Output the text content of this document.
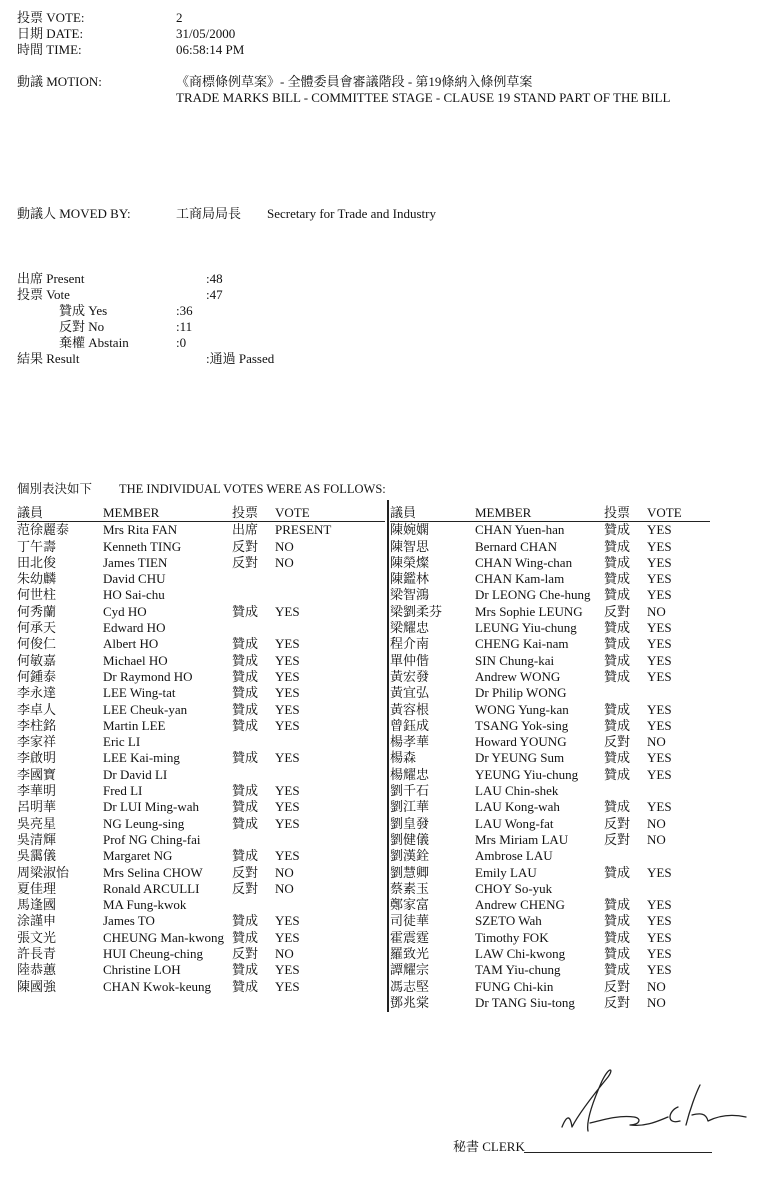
投票 VOTE:	2
日期 DATE:	31/05/2000
時間 TIME:	06:58:14 PM
動議 MOTION:	《商標條例草案》- 全體委員會審議階段 - 第19條納入條例草案
TRADE MARKS BILL - COMMITTEE STAGE - CLAUSE 19 STAND PART OF THE BILL
動議人 MOVED BY:	工商局局長 Secretary for Trade and Industry
出席 Present	:48
投票 Vote	:47
贊成 Yes	:36
反對 No	:11
棄權 Abstain	:0
結果 Result	:通過 Passed
個別表決如下 THE INDIVIDUAL VOTES WERE AS FOLLOWS:
議員	MEMBER	投票 VOTE
范徐麗泰	Mrs Rita FAN	出席 PRESENT
丁午壽	Kenneth TING	反對 NO
田北俊	James TIEN	反對 NO
朱幼麟	David CHU
何世柱	HO Sai-chu
何秀蘭	Cyd HO	贊成 YES
何承天	Edward HO
何俊仁	Albert HO	贊成 YES
何敏嘉	Michael HO	贊成 YES
何鍾泰	Dr Raymond HO	贊成 YES
李永達	LEE Wing-tat	贊成 YES
李卓人	LEE Cheuk-yan	贊成 YES
李柱銘	Martin LEE	贊成 YES
李家祥	Eric LI
李啟明	LEE Kai-ming	贊成 YES
李國寶	Dr David LI
李華明	Fred LI	贊成 YES
呂明華	Dr LUI Ming-wah	贊成 YES
吳亮星	NG Leung-sing	贊成 YES
吳清輝	Prof NG Ching-fai
吳靄儀	Margaret NG	贊成 YES
周梁淑怡	Mrs Selina CHOW 反對 NO
夏佳理	Ronald ARCULLI	反對 NO
馬逢國	MA Fung-kwok
涂謹申	James TO	贊成 YES
張文光	CHEUNG Man-kwong 贊成 YES
許長青	HUI Cheung-ching 反對 NO
陸恭蕙	Christine LOH	贊成 YES
陳國強	CHAN Kwok-keung 贊成 YES
議員	MEMBER	投票 VOTE
陳婉嫻	CHAN Yuen-han	贊成 YES
陳智思	Bernard CHAN	贊成 YES
陳榮燦	CHAN Wing-chan 贊成 YES
陳鑑林	CHAN Kam-lam	贊成 YES
梁智鴻	Dr LEONG Che-hung 贊成 YES
梁劉柔芬	Mrs Sophie LEUNG 反對 NO
梁耀忠	LEUNG Yiu-chung 贊成 YES
程介南	CHENG Kai-nam	贊成 YES
單仲偕	SIN Chung-kai	贊成 YES
黃宏發	Andrew WONG	贊成 YES
黃宜弘	Dr Philip WONG
黃容根	WONG Yung-kan	贊成 YES
曾鈺成	TSANG Yok-sing	贊成 YES
楊孝華	Howard YOUNG	反對 NO
楊森	Dr YEUNG Sum	贊成 YES
楊耀忠	YEUNG Yiu-chung 贊成 YES
劉千石	LAU Chin-shek
劉江華	LAU Kong-wah	贊成 YES
劉皇發	LAU Wong-fat	反對 NO
劉健儀	Mrs Miriam LAU	反對 NO
劉漢銓	Ambrose LAU
劉慧卿	Emily LAU	贊成 YES
蔡素玉	CHOY So-yuk
鄭家富	Andrew CHENG	贊成 YES
司徒華	SZETO Wah	贊成 YES
霍震霆	Timothy FOK	贊成 YES
羅致光	LAW Chi-kwong	贊成 YES
譚耀宗	TAM Yiu-chung	贊成 YES
馮志堅	FUNG Chi-kin	反對 NO
鄧兆棠	Dr TANG Siu-tong 反對 NO
秘書 CLERK
